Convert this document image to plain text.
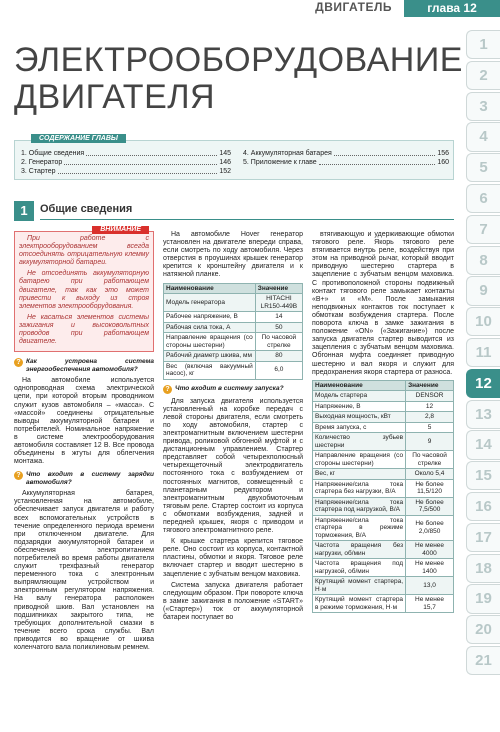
ДВИГАТЕЛЬ	глава 12
1
2
3
4
5
6
7
8
9
10
11
12
13
14
15
16
17
18
19
20
21
ЭЛЕКТРООБОРУДОВАНИЕ
ДВИГАТЕЛЯ
СОДЕРЖАНИЕ ГЛАВЫ
1. Общие сведения	145
2. Генератор	146
3. Стартер	152
4. Аккумуляторная батарея	156
5. Приложение к главе	160
1	Общие сведения
ВНИМАНИЕ

При работе с электрооборудованием всегда отсоединять отрицательную клемму аккумуляторной батареи.

Не отсоединять аккумуляторную батарею при работающем двигателе, так как это может привести к выходу из строя элементов электрооборудования.

Не касаться элементов системы зажигания и высоковольтных проводов при работающем двигателе.

? Как устроена система энергообеспечения автомобиля?

На автомобиле используется однопроводная схема электрической цепи, при которой вторым проводником служит кузов автомобиля – «масса». С «массой» соединены отрицательные выводы аккумуляторной батареи и потребителей. Номинальное напряжение в системе электрооборудования автомобиля составляет 12 В. Все провода объединены в жгуты для облегчения монтажа.

? Что входит в систему зарядки автомобиля?

Аккумуляторная батарея, установленная на автомобиле, обеспечивает запуск двигателя и работу всех вспомогательных устройств в течение определенного периода времени при отключенном двигателе. Для подзарядки аккумуляторной батареи и обеспечения электропитанием потребителей во время работы двигателя служит трехфазный генератор переменного тока с электронным выпрямляющим устройством и электронным регулятором напряжения. На валу генератора расположен приводной шкив. Вал установлен на подшипниках закрытого типа, не требующих дополнительной смазки в течение всего срока службы. Вал приводится во вращение от шкива коленчатого вала поликлиновым ремнем.

На автомобиле Hover генератор установлен на двигателе впереди справа, если смотреть по ходу автомобиля. Через отверстия в проушинах крышек генератор крепится к кронштейну двигателя и к натяжной планке.

Наименование	Значение
Модель генератора	HITACHI LR150-449B
Рабочее напряжение, В	14
Рабочая сила тока, А	50
Направление вращения (со стороны шестерни)	По часовой стрелке
Рабочий диаметр шкива, мм	80
Вес (включая вакуумный насос), кг	6,0
? Что входит в систему запуска?

Для запуска двигателя используется установленный на коробке передач с левой стороны двигателя, если смотреть по ходу автомобиля, стартер с электромагнитным включением шестерни привода, роликовой обгонной муфтой и с дистанционным управлением. Стартер представляет собой четырехполюсный четырехщеточный электродвигатель постоянного тока с возбуждением от постоянных магнитов, совмещенный с планетарным редуктором и электромагнитным двухобмоточным тяговым реле. Стартер состоит из корпуса с обмотками возбуждения, задней и передней крышек, якоря с приводом и тягового электромагнитного реле.

К крышке стартера крепится тяговое реле. Оно состоит из корпуса, контактной пластины, обмотки и якоря. Тяговое реле включает стартер и вводит шестерню в зацепление с зубчатым венцом маховика.

Система запуска двигателя работает следующим образом. При повороте ключа в замке зажигания в положение «START» («Стартер») ток от аккумуляторной батареи поступает во

втягивающую и удерживающие обмотки тягового реле. Якорь тягового реле втягивается внутрь реле, воздействуя при этом на приводной рычаг, который вводит приводную шестерню стартера в зацепление с зубчатым венцом маховика. С противоположной стороны подвижный контакт тягового реле замыкает контакты «В+» и «М». После замыкания неподвижных контактов ток поступает к обмоткам возбуждения стартера. После поворота ключа в замке зажигания в положение «ON» («Зажигание») после запуска двигателя стартер выводится из зацепления с зубчатым венцом маховика. Обгонная муфта соединяет приводную шестерню и вал якоря и служит для предохранения якоря стартера от разноса.

Наименование	Значение
Модель стартера	DENSOR
Напряжение, В	12
Выходная мощность, кВт	2,8
Время запуска, с	5
Количество зубьев шестерни	9
Направление вращения (со стороны шестерни)	По часовой стрелке
Вес, кг	Около 5,4
Напряжение/сила тока стартера без нагрузки, В/А	Не более 11,5/120
Напряжение/сила тока стартера под нагрузкой, В/А	Не более 7,5/500
Напряжение/сила тока стартера в режиме торможения, В/А	Не более 2,0/850
Частота вращения без нагрузки, об/мин	Не менее 4000
Частота вращения под нагрузкой, об/мин	Не менее 1400
Крутящий момент стартера, Н·м	13,0
Крутящий момент стартера в режиме торможения, Н·м	Не менее 15,7
